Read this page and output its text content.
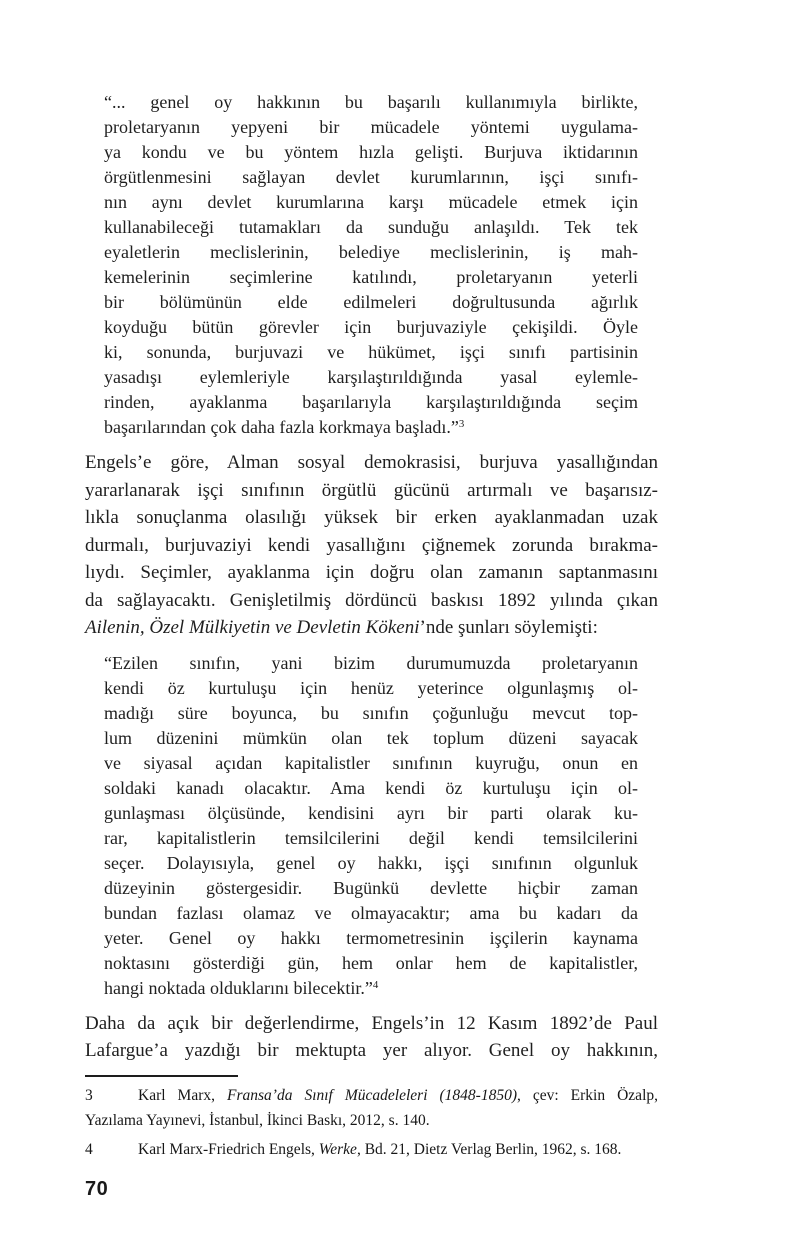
“... genel oy hakkının bu başarılı kullanımıyla birlikte,
proletaryanın yepyeni bir mücadele yöntemi uygulama-
ya kondu ve bu yöntem hızla gelişti. Burjuva iktidarının
örgütlenmesini sağlayan devlet kurumlarının, işçi sınıfı-
nın aynı devlet kurumlarına karşı mücadele etmek için
kullanabileceği tutamakları da sunduğu anlaşıldı. Tek tek
eyaletlerin meclislerinin, belediye meclislerinin, iş mah-
kemelerinin seçimlerine katılındı, proletaryanın yeterli
bir bölümünün elde edilmeleri doğrultusunda ağırlık
koyduğu bütün görevler için burjuvaziyle çekişildi. Öyle
ki, sonunda, burjuvazi ve hükümet, işçi sınıfı partisinin
yasadışı eylemleriyle karşılaştırıldığında yasal eylemle-
rinden, ayaklanma başarılarıyla karşılaştırıldığında seçim
başarılarından çok daha fazla korkmaya başladı.”$^3$
Engels’e göre, Alman sosyal demokrasisi, burjuva yasallığından
yararlanarak işçi sınıfının örgütlü gücünü artırmalı ve başarısız-
lıkla sonuçlanma olasılığı yüksek bir erken ayaklanmadan uzak
durmalı, burjuvaziyi kendi yasallığını çiğnemek zorunda bırakma-
lıydı. Seçimler, ayaklanma için doğru olan zamanın saptanmasını
da sağlayacaktı. Genişletilmiş dördüncü baskısı 1892 yılında çıkan
Ailenin, Özel Mülkiyetin ve Devletin Kökeni’nde şunları söylemişti:
“Ezilen sınıfın, yani bizim durumumuzda proletaryanın
kendi öz kurtuluşu için henüz yeterince olgunlaşmış ol-
madığı süre boyunca, bu sınıfın çoğunluğu mevcut top-
lum düzenini mümkün olan tek toplum düzeni sayacak
ve siyasal açıdan kapitalistler sınıfının kuyruğu, onun en
soldaki kanadı olacaktır. Ama kendi öz kurtuluşu için ol-
gunlaşması ölçüsünde, kendisini ayrı bir parti olarak ku-
rar, kapitalistlerin temsilcilerini değil kendi temsilcilerini
seçer. Dolayısıyla, genel oy hakkı, işçi sınıfının olgunluk
düzeyinin göstergesidir. Bugünkü devlette hiçbir zaman
bundan fazlası olamaz ve olmayacaktır; ama bu kadarı da
yeter. Genel oy hakkı termometresinin işçilerin kaynama
noktasını gösterdiği gün, hem onlar hem de kapitalistler,
hangi noktada olduklarını bilecektir.”$^4$
Daha da açık bir değerlendirme, Engels’in 12 Kasım 1892’de Paul
Lafargue’a yazdığı bir mektupta yer alıyor. Genel oy hakkının,
3	Karl Marx, Fransa’da Sınıf Mücadeleleri (1848-1850), çev: Erkin Özalp,
Yazılama Yayınevi, İstanbul, İkinci Baskı, 2012, s. 140.
4	Karl Marx-Friedrich Engels, Werke, Bd. 21, Dietz Verlag Berlin, 1962, s. 168.
70
